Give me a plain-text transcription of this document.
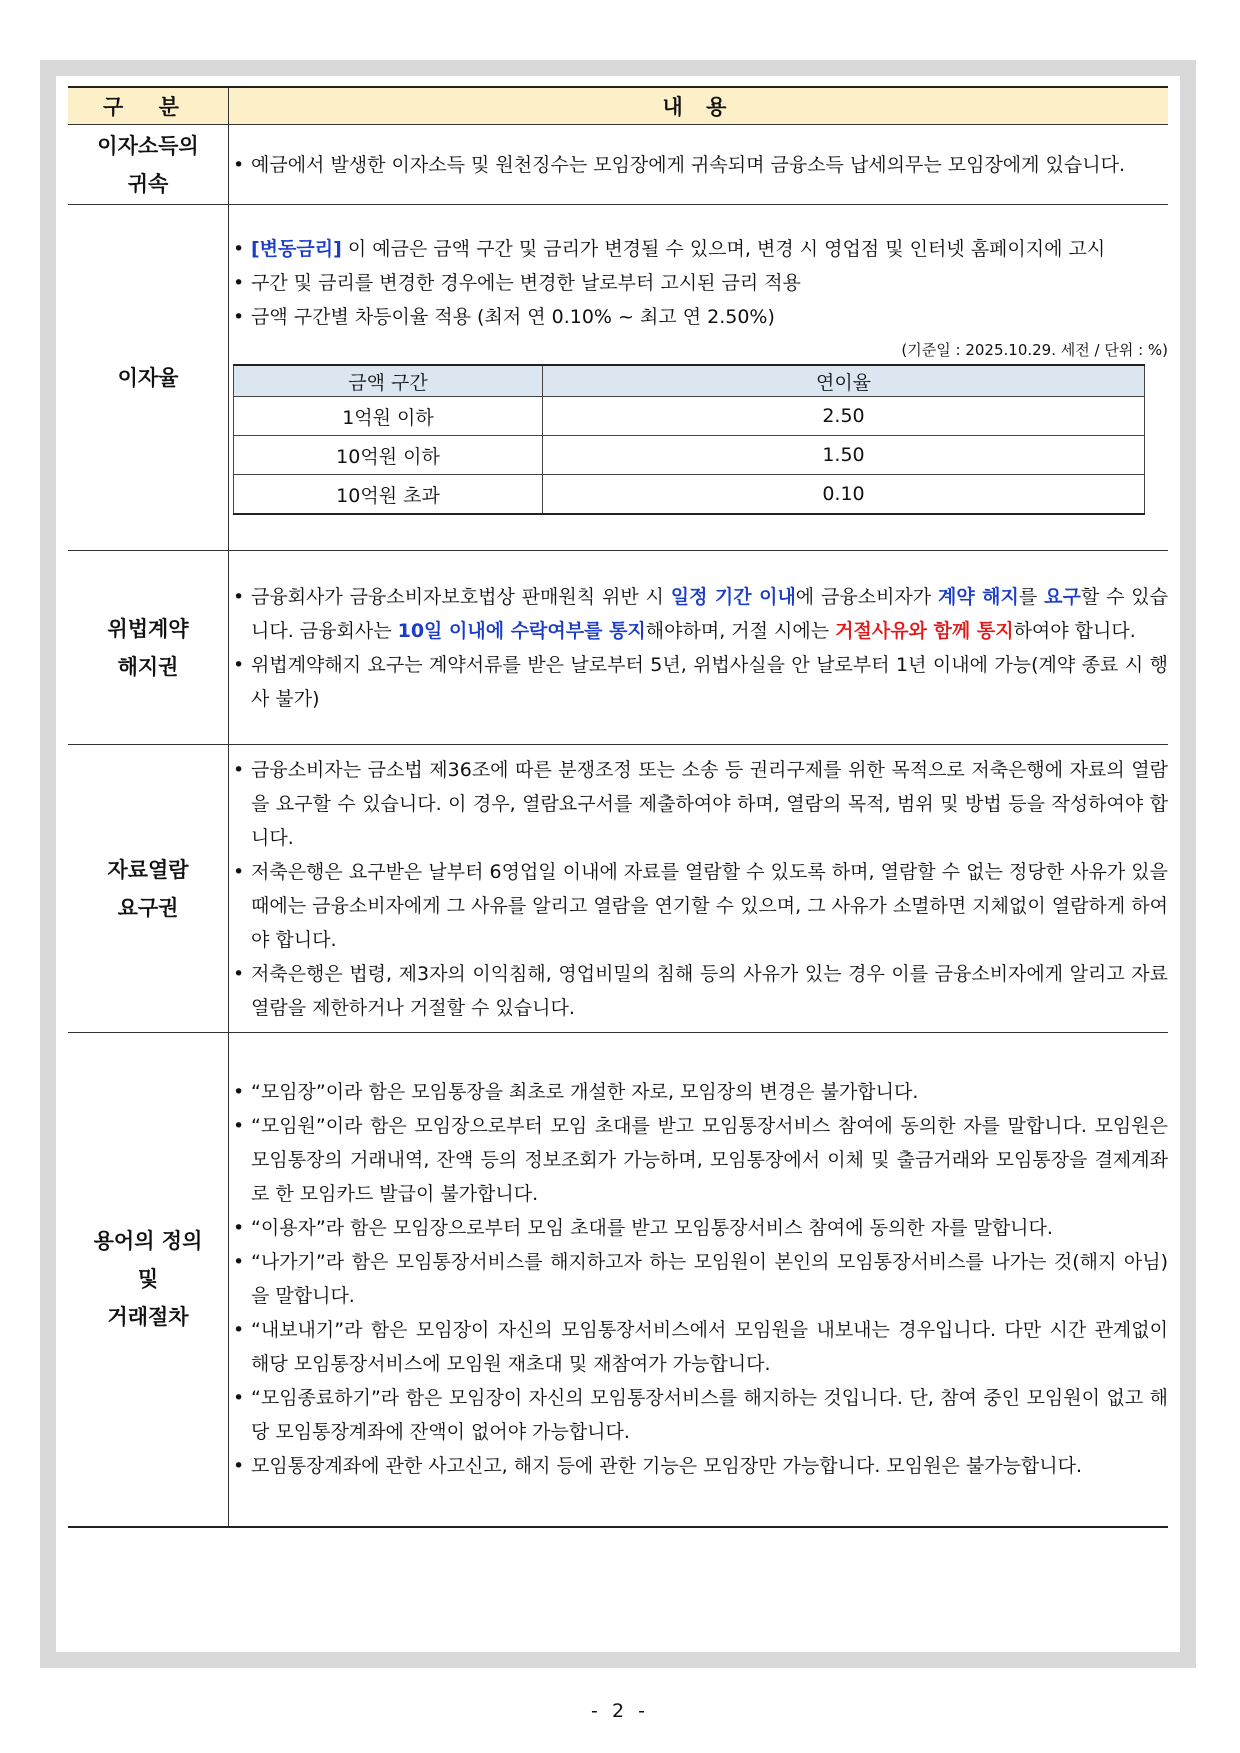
구 분	내 용
이자소득의
귀속	
• 예금에서 발생한 이자소득 및 원천징수는 모임장에게 귀속되며 금융소득 납세의무는 모임장에게 있습니다.

이자율	
• [변동금리] 이 예금은 금액 구간 및 금리가 변경될 수 있으며, 변경 시 영업점 및 인터넷 홈페이지에 고시
• 구간 및 금리를 변경한 경우에는 변경한 날로부터 고시된 금리 적용
• 금액 구간별 차등이율 적용 (최저 연 0.10% ~ 최고 연 2.50%)
(기준일 : 2025.10.29. 세전 / 단위 : %)
금액 구간	연이율
1억원 이하	2.50
10억원 이하	1.50
10억원 초과	0.10

위법계약
해지권	
• 금융회사가 금융소비자보호법상 판매원칙 위반 시 일정 기간 이내에 금융소비자가 계약 해지를 요구할 수 있습니다. 금융회사는 10일 이내에 수락여부를 통지해야하며, 거절 시에는 거절사유와 함께 통지하여야 합니다.
• 위법계약해지 요구는 계약서류를 받은 날로부터 5년, 위법사실을 안 날로부터 1년 이내에 가능(계약 종료 시 행사 불가)

자료열람
요구권	
• 금융소비자는 금소법 제36조에 따른 분쟁조정 또는 소송 등 권리구제를 위한 목적으로 저축은행에 자료의 열람을 요구할 수 있습니다. 이 경우, 열람요구서를 제출하여야 하며, 열람의 목적, 범위 및 방법 등을 작성하여야 합니다.
• 저축은행은 요구받은 날부터 6영업일 이내에 자료를 열람할 수 있도록 하며, 열람할 수 없는 정당한 사유가 있을 때에는 금융소비자에게 그 사유를 알리고 열람을 연기할 수 있으며, 그 사유가 소멸하면 지체없이 열람하게 하여야 합니다.
• 저축은행은 법령, 제3자의 이익침해, 영업비밀의 침해 등의 사유가 있는 경우 이를 금융소비자에게 알리고 자료 열람을 제한하거나 거절할 수 있습니다.

용어의 정의
및
거래절차	
• “모임장”이라 함은 모임통장을 최초로 개설한 자로, 모임장의 변경은 불가합니다.
• “모임원”이라 함은 모임장으로부터 모임 초대를 받고 모임통장서비스 참여에 동의한 자를 말합니다. 모임원은 모임통장의 거래내역, 잔액 등의 정보조회가 가능하며, 모임통장에서 이체 및 출금거래와 모임통장을 결제계좌로 한 모임카드 발급이 불가합니다.
• “이용자”라 함은 모임장으로부터 모임 초대를 받고 모임통장서비스 참여에 동의한 자를 말합니다.
• “나가기”라 함은 모임통장서비스를 해지하고자 하는 모임원이 본인의 모임통장서비스를 나가는 것(해지 아님)을 말합니다.
• “내보내기”라 함은 모임장이 자신의 모임통장서비스에서 모임원을 내보내는 경우입니다. 다만 시간 관계없이 해당 모임통장서비스에 모임원 재초대 및 재참여가 가능합니다.
• “모임종료하기”라 함은 모임장이 자신의 모임통장서비스를 해지하는 것입니다. 단, 참여 중인 모임원이 없고 해당 모임통장계좌에 잔액이 없어야 가능합니다.
• 모임통장계좌에 관한 사고신고, 해지 등에 관한 기능은 모임장만 가능합니다. 모임원은 불가능합니다.
- 2 -
